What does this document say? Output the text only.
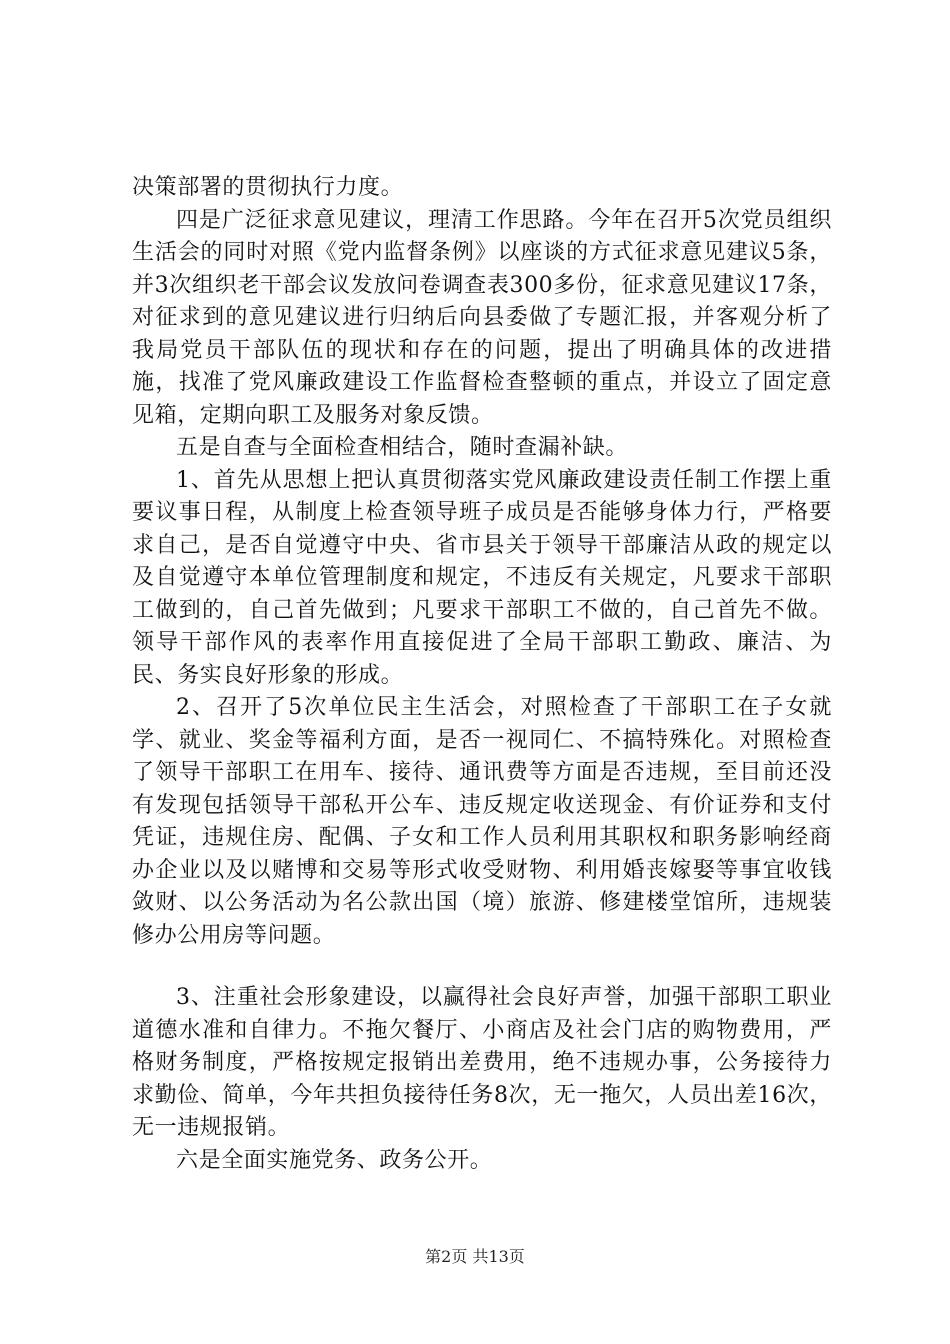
决策部署的贯彻执行力度。

四是广泛征求意见建议，理清工作思路。今年在召开5次党员组织生活会的同时对照《党内监督条例》以座谈的方式征求意见建议5条，并3次组织老干部会议发放问卷调查表300多份，征求意见建议17条，对征求到的意见建议进行归纳后向县委做了专题汇报，并客观分析了我局党员干部队伍的现状和存在的问题，提出了明确具体的改进措施，找准了党风廉政建设工作监督检查整顿的重点，并设立了固定意见箱，定期向职工及服务对象反馈。

五是自查与全面检查相结合，随时查漏补缺。

1、首先从思想上把认真贯彻落实党风廉政建设责任制工作摆上重要议事日程，从制度上检查领导班子成员是否能够身体力行，严格要求自己，是否自觉遵守中央、省市县关于领导干部廉洁从政的规定以及自觉遵守本单位管理制度和规定，不违反有关规定，凡要求干部职工做到的，自己首先做到；凡要求干部职工不做的，自己首先不做。领导干部作风的表率作用直接促进了全局干部职工勤政、廉洁、为民、务实良好形象的形成。

2、召开了5次单位民主生活会，对照检查了干部职工在子女就学、就业、奖金等福利方面，是否一视同仁、不搞特殊化。对照检查了领导干部职工在用车、接待、通讯费等方面是否违规，至目前还没有发现包括领导干部私开公车、违反规定收送现金、有价证券和支付凭证，违规住房、配偶、子女和工作人员利用其职权和职务影响经商办企业以及以赌博和交易等形式收受财物、利用婚丧嫁娶等事宜收钱敛财、以公务活动为名公款出国（境）旅游、修建楼堂馆所，违规装修办公用房等问题。

3、注重社会形象建设，以赢得社会良好声誉，加强干部职工职业道德水准和自律力。不拖欠餐厅、小商店及社会门店的购物费用，严格财务制度，严格按规定报销出差费用，绝不违规办事，公务接待力求勤俭、简单，今年共担负接待任务8次，无一拖欠，人员出差16次，无一违规报销。

六是全面实施党务、政务公开。

第2页 共13页
